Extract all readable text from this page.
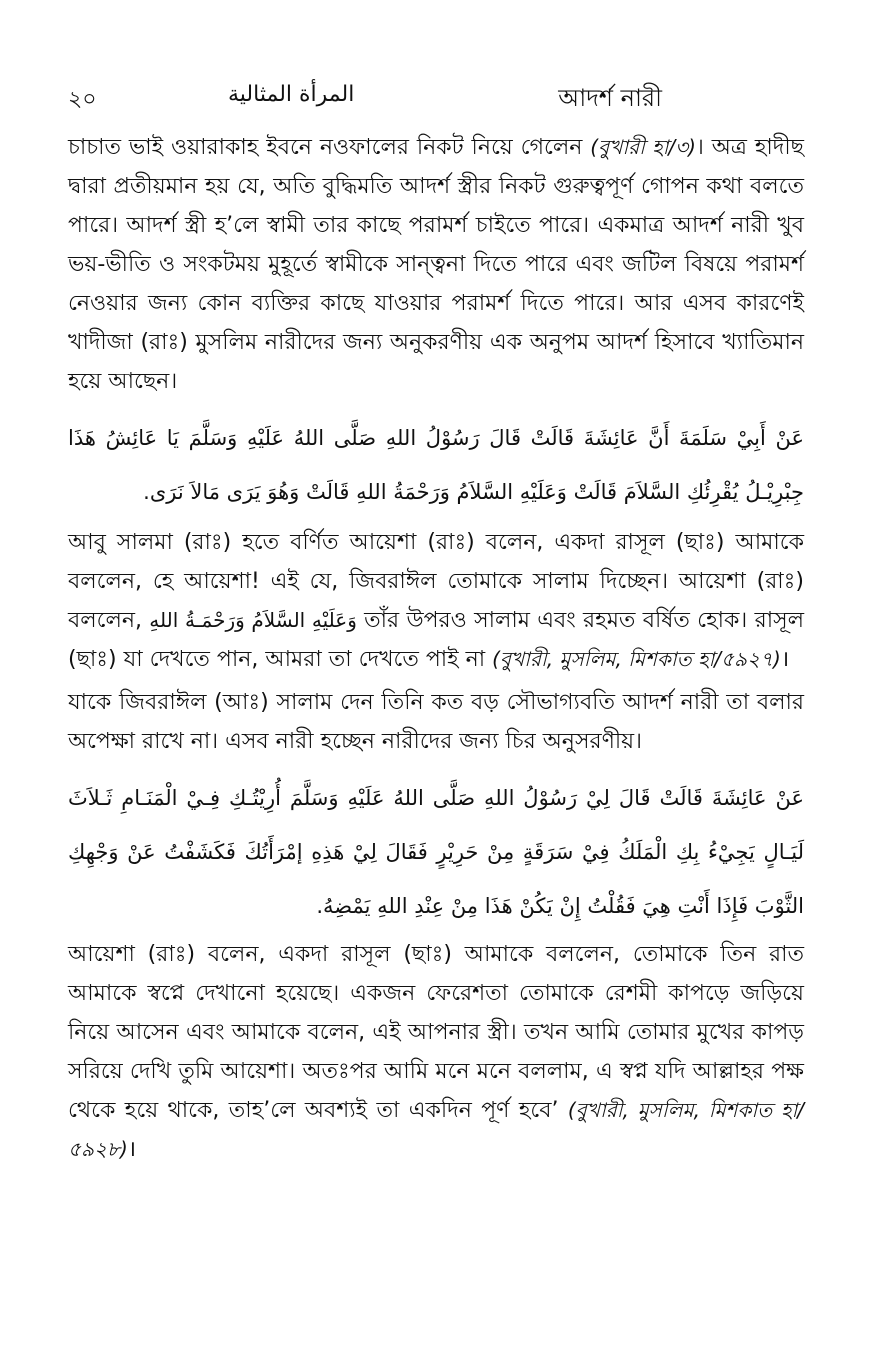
২০	المرأة المثالية	আদর্শ নারী

চাচাত ভাই ওয়ারাকাহ ইবনে নওফালের নিকট নিয়ে গেলেন (বুখারী হা/৩)। অত্র হাদীছ দ্বারা প্রতীয়মান হয় যে, অতি বুদ্ধিমতি আদর্শ স্ত্রীর নিকট গুরুত্বপূর্ণ গোপন কথা বলতে পারে। আদর্শ স্ত্রী হ’লে স্বামী তার কাছে পরামর্শ চাইতে পারে। একমাত্র আদর্শ নারী খুব ভয়-ভীতি ও সংকটময় মুহূর্তে স্বামীকে সান্ত্বনা দিতে পারে এবং জটিল বিষয়ে পরামর্শ নেওয়ার জন্য কোন ব্যক্তির কাছে যাওয়ার পরামর্শ দিতে পারে। আর এসব কারণেই খাদীজা (রাঃ) মুসলিম নারীদের জন্য অনুকরণীয় এক অনুপম আদর্শ হিসাবে খ্যাতিমান হয়ে আছেন।

عَنْ أَبِيْ سَلَمَةَ أَنَّ عَائِشَةَ قَالَتْ قَالَ رَسُوْلُ اللهِ صَلَّى اللهُ عَلَيْهِ وَسَلَّمَ يَا عَائِشُ هَذَا جِبْرِيْـلُ يُقْرِئُكِ السَّلاَمَ قَالَتْ وَعَلَيْهِ السَّلاَمُ وَرَحْمَةُ اللهِ قَالَتْ وَهُوَ يَرَى مَالاَ نَرَى.

আবু সালমা (রাঃ) হতে বর্ণিত আয়েশা (রাঃ) বলেন, একদা রাসূল (ছাঃ) আমাকে বললেন, হে আয়েশা! এই যে, জিবরাঈল তোমাকে সালাম দিচ্ছেন। আয়েশা (রাঃ) বললেন, وَعَلَيْهِ السَّلاَمُ وَرَحْمَـةُ اللهِ তাঁর উপরও সালাম এবং রহমত বর্ষিত হোক। রাসূল (ছাঃ) যা দেখতে পান, আমরা তা দেখতে পাই না (বুখারী, মুসলিম, মিশকাত হা/৫৯২৭)।

যাকে জিবরাঈল (আঃ) সালাম দেন তিনি কত বড় সৌভাগ্যবতি আদর্শ নারী তা বলার অপেক্ষা রাখে না। এসব নারী হচ্ছেন নারীদের জন্য চির অনুসরণীয়।

عَنْ عَائِشَةَ قَالَتْ قَالَ لِيْ رَسُوْلُ اللهِ صَلَّى اللهُ عَلَيْهِ وَسَلَّمَ أُرِيْتُـكِ فِـيْ الْمَنَـامِ ثَـلاَثَ لَيَـالٍ يَجِيْءُ بِكِ الْمَلَكُ فِيْ سَرَقَةٍ مِنْ حَرِيْرٍ فَقَالَ لِيْ هَذِهِ إمْرَأَتُكَ فَكَشَفْتُ عَنْ وَجْهِكِ الثَّوْبَ فَإِذَا أَنْتِ هِيَ فَقُلْتُ إِنْ يَكُنْ هَذَا مِنْ عِنْدِ اللهِ يَمْضِهُ.

আয়েশা (রাঃ) বলেন, একদা রাসূল (ছাঃ) আমাকে বললেন, তোমাকে তিন রাত আমাকে স্বপ্নে দেখানো হয়েছে। একজন ফেরেশতা তোমাকে রেশমী কাপড়ে জড়িয়ে নিয়ে আসেন এবং আমাকে বলেন, এই আপনার স্ত্রী। তখন আমি তোমার মুখের কাপড় সরিয়ে দেখি তুমি আয়েশা। অতঃপর আমি মনে মনে বললাম, এ স্বপ্ন যদি আল্লাহর পক্ষ থেকে হয়ে থাকে, তাহ’লে অবশ্যই তা একদিন পূর্ণ হবে’ (বুখারী, মুসলিম, মিশকাত হা/৫৯২৮)।
